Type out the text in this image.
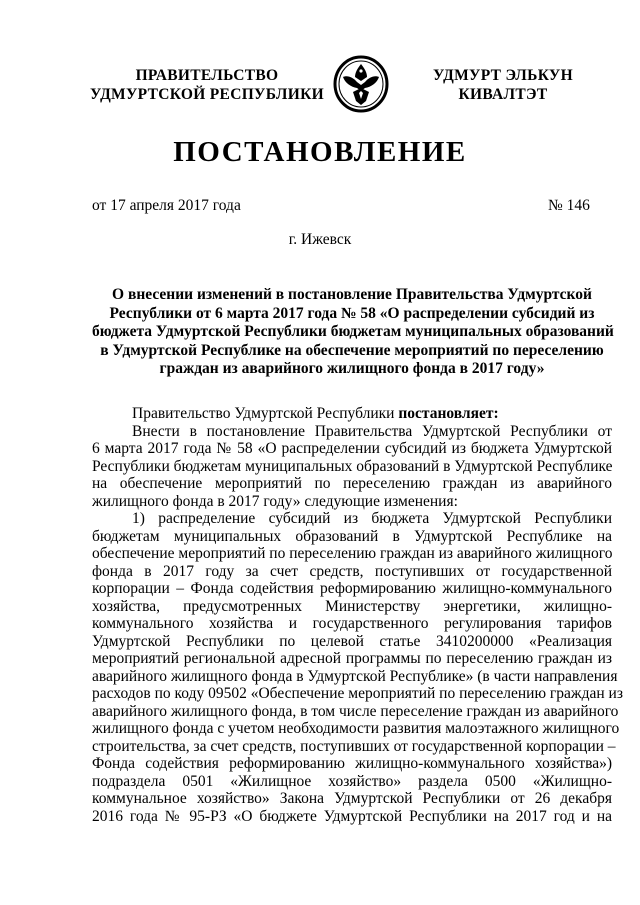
ПРАВИТЕЛЬСТВО
УДМУРТСКОЙ РЕСПУБЛИКИ
УДМУРТ ЭЛЬКУН
КИВАЛТЭТ
ПОСТАНОВЛЕНИЕ
от 17 апреля 2017 года	№ 146
г. Ижевск
О внесении изменений в постановление Правительства Удмуртской
Республики от 6 марта 2017 года № 58 «О распределении субсидий из
бюджета Удмуртской Республики бюджетам муниципальных образований
в Удмуртской Республике на обеспечение мероприятий по переселению
граждан из аварийного жилищного фонда в 2017 году»
Правительство Удмуртской Республики постановляет:
Внести в постановление Правительства Удмуртской Республики от
6 марта 2017 года № 58 «О распределении субсидий из бюджета Удмуртской
Республики бюджетам муниципальных образований в Удмуртской Республике
на обеспечение мероприятий по переселению граждан из аварийного
жилищного фонда в 2017 году» следующие изменения:
1) распределение субсидий из бюджета Удмуртской Республики
бюджетам муниципальных образований в Удмуртской Республике на
обеспечение мероприятий по переселению граждан из аварийного жилищного
фонда в 2017 году за счет средств, поступивших от государственной
корпорации – Фонда содействия реформированию жилищно-коммунального
хозяйства, предусмотренных Министерству энергетики, жилищно-
коммунального хозяйства и государственного регулирования тарифов
Удмуртской Республики по целевой статье 3410200000 «Реализация
мероприятий региональной адресной программы по переселению граждан из
аварийного жилищного фонда в Удмуртской Республике» (в части направления
расходов по коду 09502 «Обеспечение мероприятий по переселению граждан из
аварийного жилищного фонда, в том числе переселение граждан из аварийного
жилищного фонда с учетом необходимости развития малоэтажного жилищного
строительства, за счет средств, поступивших от государственной корпорации –
Фонда содействия реформированию жилищно-коммунального хозяйства»)
подраздела 0501 «Жилищное хозяйство» раздела 0500 «Жилищно-
коммунальное хозяйство» Закона Удмуртской Республики от 26 декабря
2016 года № 95-РЗ «О бюджете Удмуртской Республики на 2017 год и на
